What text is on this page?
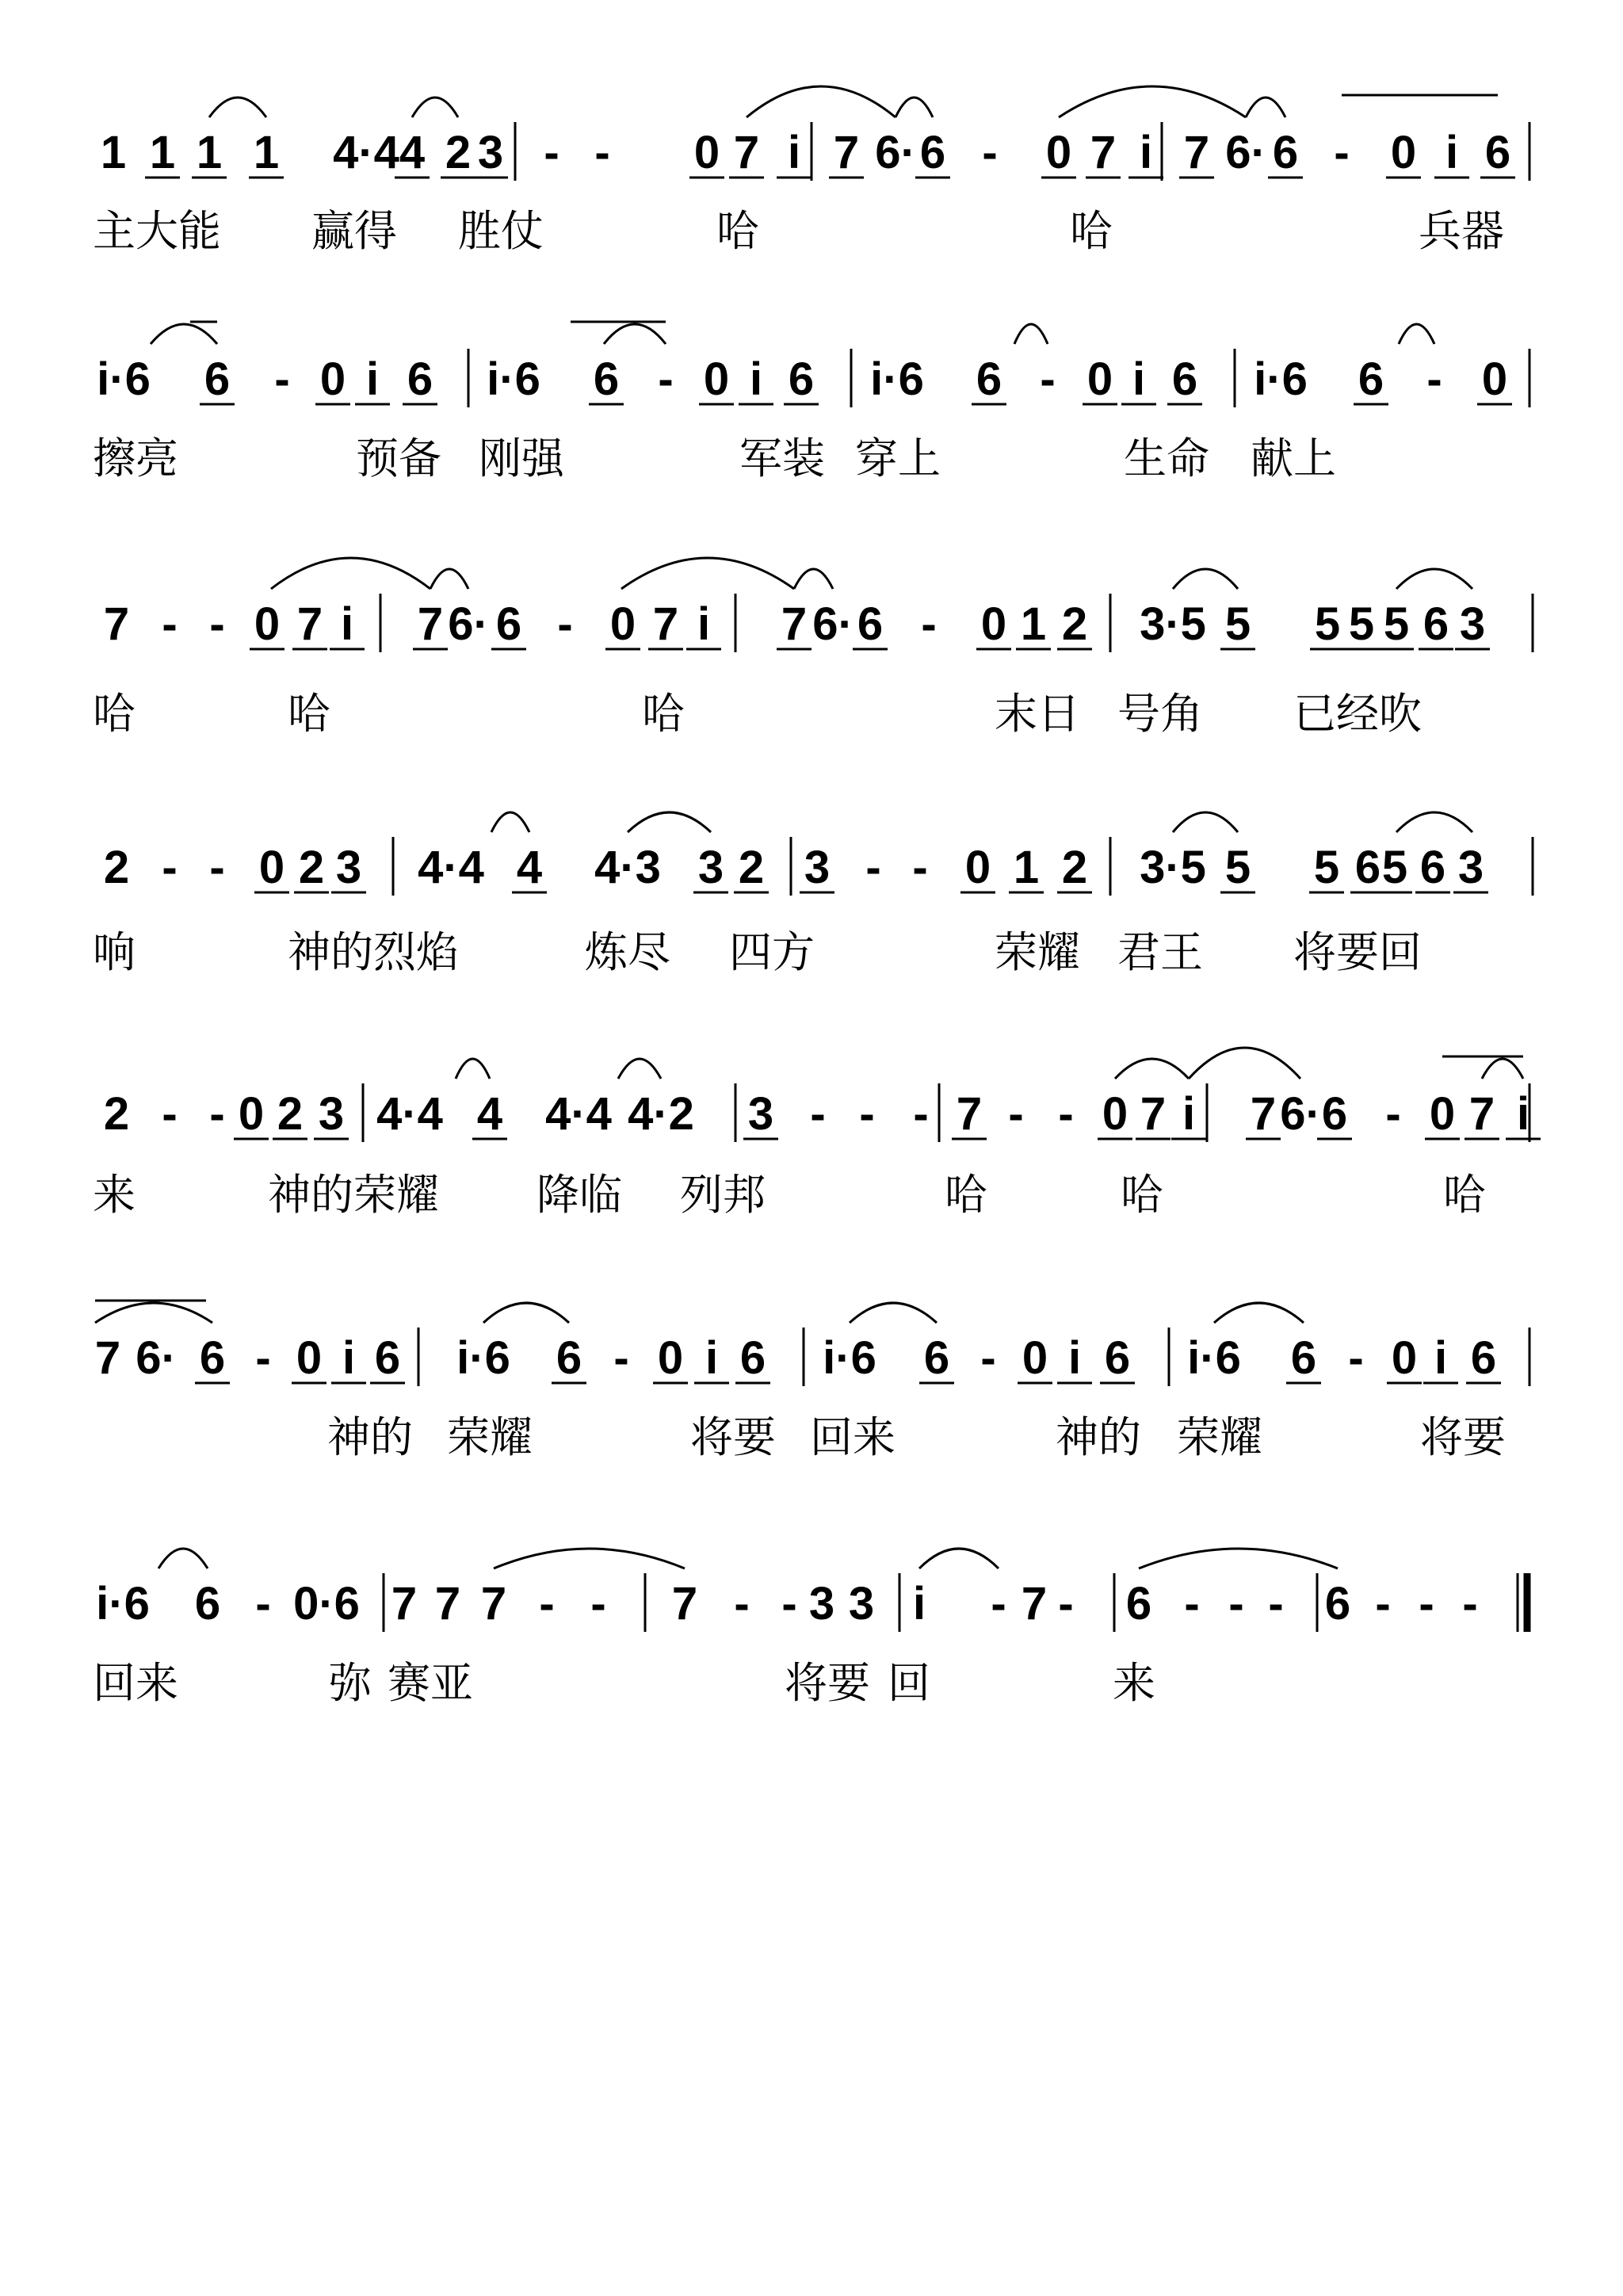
1 1 1 1 4·4 4 2 3 - - 0 7 i 7 6· 6 - 0 7 i 7 6· 6 - 0 i 6
i·6 6 - 0 i 6 i·6 6 - 0 i 6 i·6 6 - 0 i 6 i·6 6 - 0
7 - - 0 7 i 7 6· 6 - 0 7 i 7 6· 6 - 0 1 2 3·5 5 5 5 5 6 3
2 - - 0 2 3 4·4 4 4·3 3 2 3 - - 0 1 2 3·5 5 5 6 5 6 3
2 - - 0 2 3 4·4 4 4·4 4·2 3 - - - 7 - - 0 7 i 7 6· 6 - 0 7 i
7 6· 6 - 0 i 6 i·6 6 - 0 i 6 i·6 6 - 0 i 6 i·6 6 - 0 i 6
i·6 6 - 0·6 7 7 7 - - 7 - - 3 3 i - 7 - 6 - - - 6 - - -
主大能 赢得 胜仗	哈	哈	兵器
擦亮	预备 刚强	军装 穿上	生命 献上
哈	哈	哈	末日 号角 已经吹
响	神的烈焰	炼尽 四方	荣耀 君王 将要回
来	神的荣耀 降临 列邦	哈	哈	哈
神的 荣耀	将要 回来	神的 荣耀	将要
回来	弥 赛亚	将要 回	来
